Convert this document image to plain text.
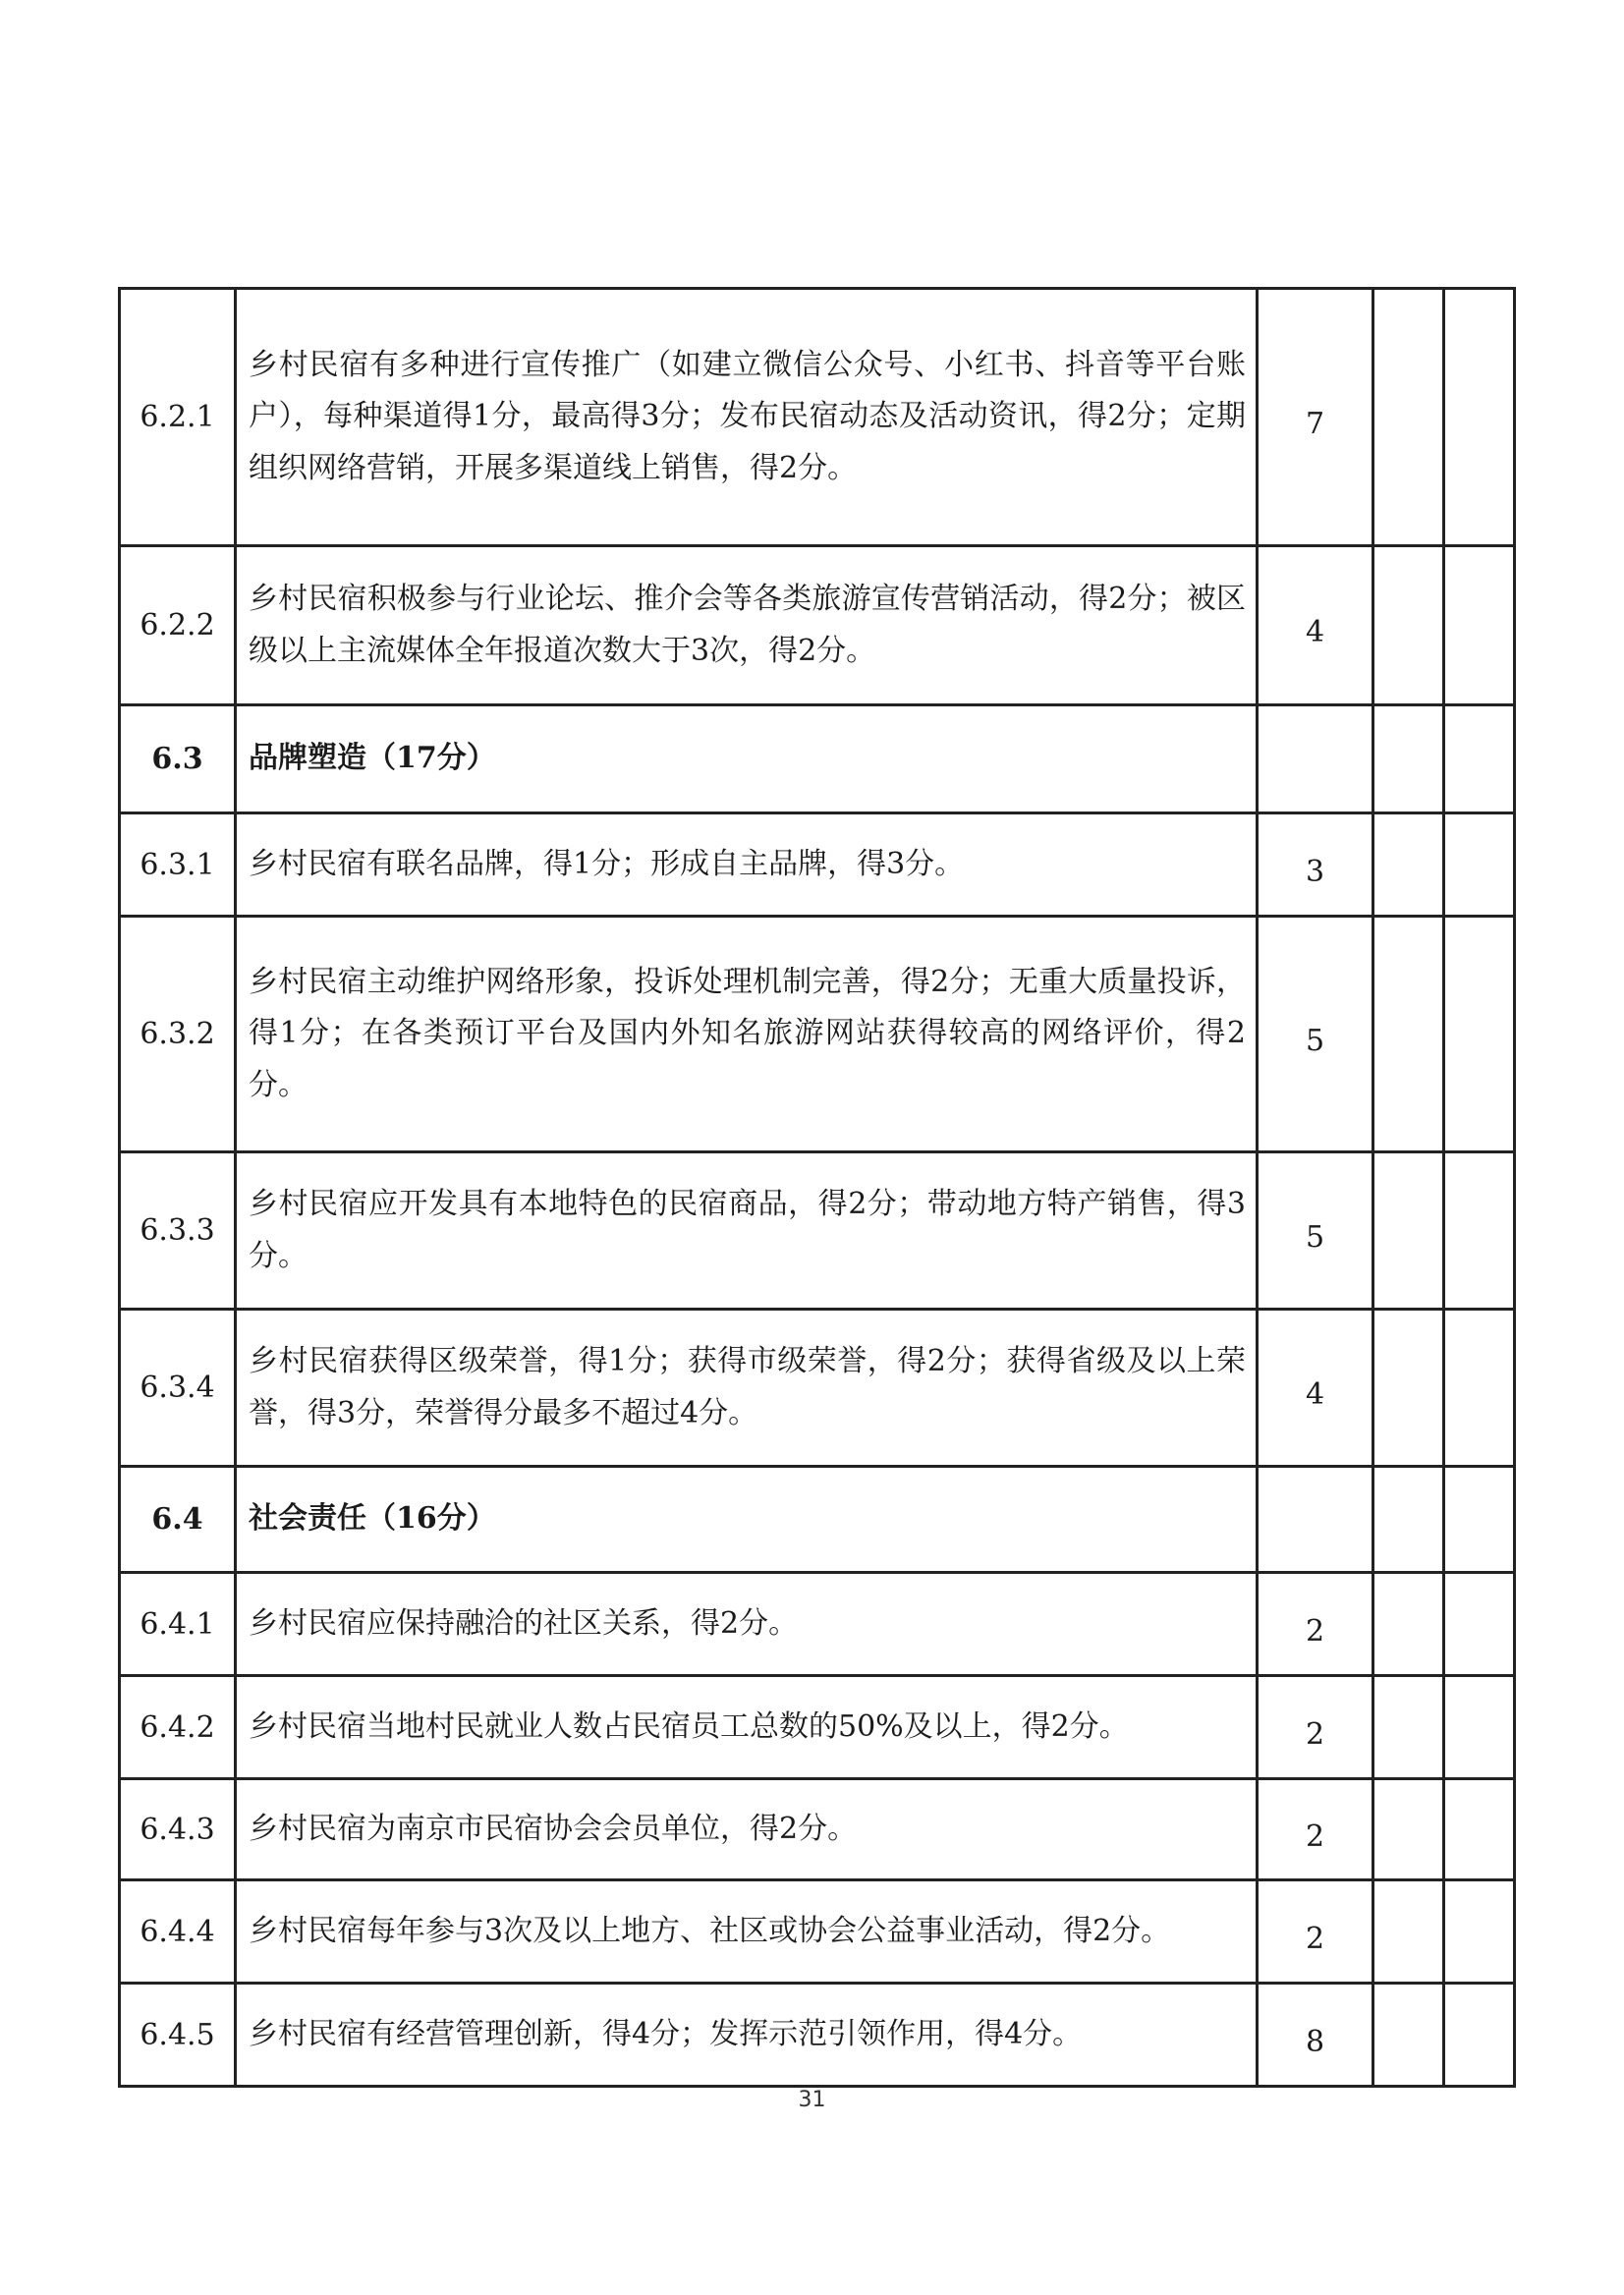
6.2.1	乡村民宿有多种进行宣传推广（如建立微信公众号、小红书、抖音等平台账户），每种渠道得1分，最高得3分；发布民宿动态及活动资讯，得2分；定期组织网络营销，开展多渠道线上销售，得2分。	7		
6.2.2	乡村民宿积极参与行业论坛、推介会等各类旅游宣传营销活动，得2分；被区级以上主流媒体全年报道次数大于3次，得2分。	4		
6.3	品牌塑造（17分）			
6.3.1	乡村民宿有联名品牌，得1分；形成自主品牌，得3分。	3		
6.3.2	乡村民宿主动维护网络形象，投诉处理机制完善，得2分；无重大质量投诉，得1分；在各类预订平台及国内外知名旅游网站获得较高的网络评价，得2分。	5		
6.3.3	乡村民宿应开发具有本地特色的民宿商品，得2分；带动地方特产销售，得3分。	5		
6.3.4	乡村民宿获得区级荣誉，得1分；获得市级荣誉，得2分；获得省级及以上荣誉，得3分，荣誉得分最多不超过4分。	4		
6.4	社会责任（16分）			
6.4.1	乡村民宿应保持融洽的社区关系，得2分。	2		
6.4.2	乡村民宿当地村民就业人数占民宿员工总数的50%及以上，得2分。	2		
6.4.3	乡村民宿为南京市民宿协会会员单位，得2分。	2		
6.4.4	乡村民宿每年参与3次及以上地方、社区或协会公益事业活动，得2分。	2		
6.4.5	乡村民宿有经营管理创新，得4分；发挥示范引领作用，得4分。	8		
31
